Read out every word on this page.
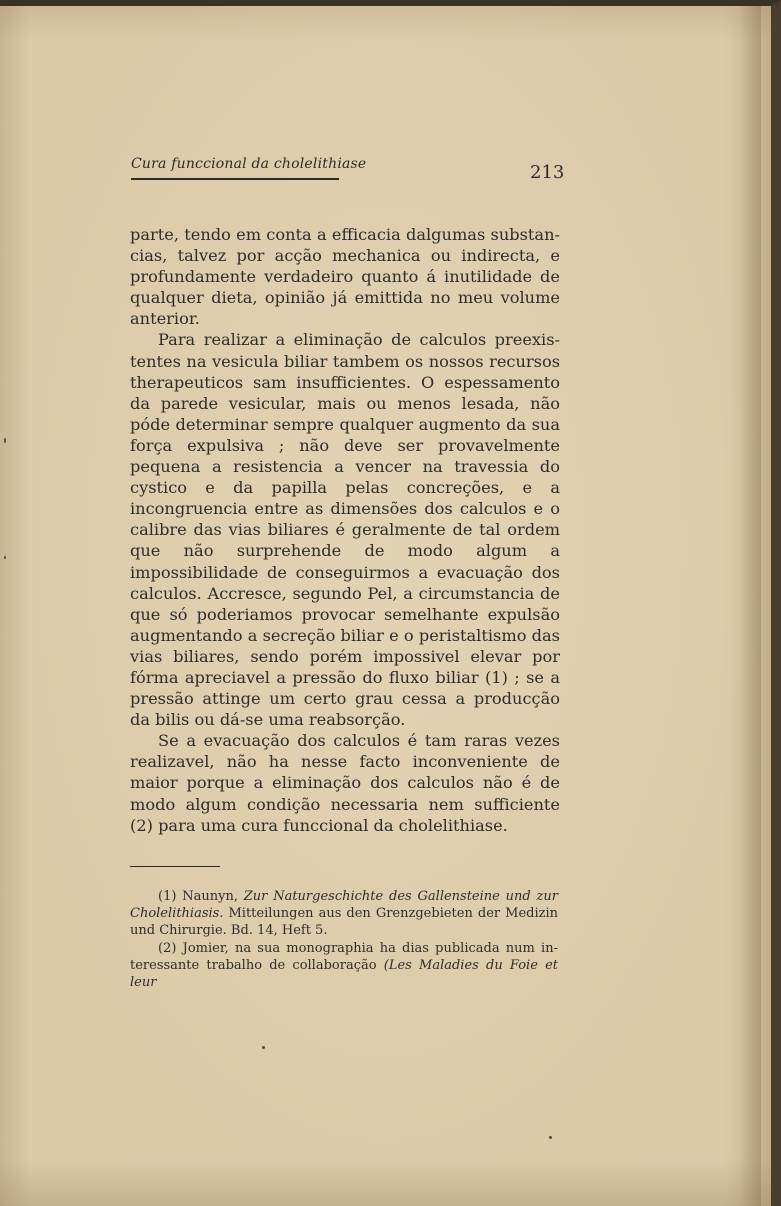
Cura funccional da cholelithiase	213

parte, tendo em conta a efficacia dalgumas substancias, talvez por acção mechanica ou indirecta, e profundamente verdadeiro quanto á inutilidade de qualquer dieta, opinião já emittida no meu volume anterior.

Para realizar a eliminação de calculos preexistentes na vesicula biliar tambem os nossos recursos therapeuticos sam insufficientes. O espessamento da parede vesicular, mais ou menos lesada, não póde determinar sempre qualquer augmento da sua força expulsiva ; não deve ser provavelmente pequena a resistencia a vencer na travessia do cystico e da papilla pelas concreções, e a incongruencia entre as dimensões dos calculos e o calibre das vias biliares é geralmente de tal ordem que não surprehende de modo algum a impossibilidade de conseguirmos a evacuação dos calculos. Accresce, segundo Pel, a circumstancia de que só poderiamos provocar semelhante expulsão augmentando a secreção biliar e o peristaltismo das vias biliares, sendo porém impossivel elevar por fórma apreciavel a pressão do fluxo biliar (1) ; se a pressão attinge um certo grau cessa a producção da bilis ou dá-se uma reabsorção.

Se a evacuação dos calculos é tam raras vezes realizavel, não ha nesse facto inconveniente de maior porque a eliminação dos calculos não é de modo algum condição necessaria nem sufficiente (2) para uma cura funccional da cholelithiase.

(1) Naunyn, Zur Naturgeschichte des Gallensteine und zur Cholelithiasis. Mitteilungen aus den Grenzgebieten der Medizin und Chirurgie. Bd. 14, Heft 5.

(2) Jomier, na sua monographia ha dias publicada num interessante trabalho de collaboração (Les Maladies du Foie et leur
